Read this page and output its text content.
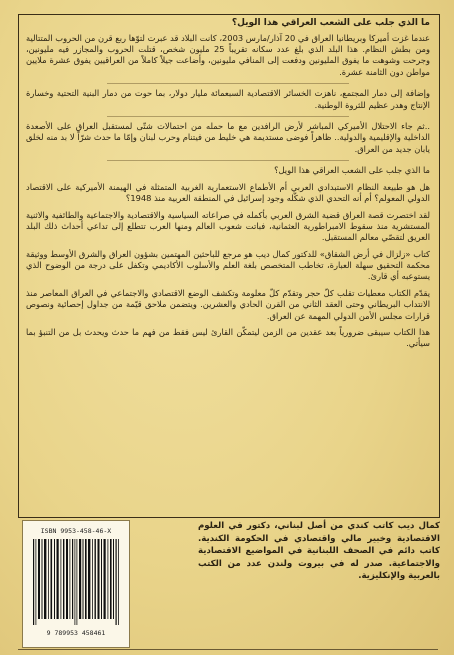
ما الذي جلب على الشعب العراقي هذا الويل؟

عندما غزت أميركا وبريطانيا العراق في 20 آذار/مارس 2003، كانت البلاد قد عبرت لتوّها ربع قرن من الحروب المتتالية ومن بطش النظام. هذا البلد الذي بلغ عدد سكانه تقريباً 25 مليون شخص، قتلت الحروب والمجازر فيه مليونين، وجرحت وشوهت ما يفوق المليونين ودفعت إلى المنافي مليونين، وأضاعت جيلاً كاملاً من العراقيين يفوق عشرة ملايين مواطن دون الثامنة عشرة.

وإضافة إلى دمار المجتمع، ناهزت الخسائر الاقتصادية السبعمائة مليار دولار، بما حوت من دمار البنية التحتية وخسارة الإنتاج وهدر عظيم للثروة الوطنية.

..ثم جاء الاحتلال الأميركي المباشر لأرض الرافدين مع ما حمله من احتمالات شتّى لمستقبل العراق على الأصعدة الداخلية والإقليمية والدولية.. ظاهراً فوضى مستديمة هي خليط من فيتنام وحرب لبنان وإمّا ما حدث شرّاً لا بد منه لخلق يابان جديد من العراق.

ما الذي جلب على الشعب العراقي هذا الويل؟

هل هو طبيعة النظام الاستبدادي العربي أم الأطماع الاستعمارية الغربية المتمثلة في الهيمنة الأميركية على الاقتصاد الدولي المعولم؟ أم أنه التحدي الذي شكّله وجود إسرائيل في المنطقة العربية منذ 1948؟

لقد اختصرت قصة العراق قضية الشرق العربي بأكمله في صراعاته السياسية والاقتصادية والاجتماعية والطائفية والاثنية المستشرية منذ سقوط الامبراطورية العثمانية، فباتت شعوب العالم ومنها العرب تتطلع إلى تداعي أحداث ذلك البلد العريق لتقصّي معالم المستقبل.

كتاب «زلزال في أرض الشقاق» للدكتور كمال ديب هو مرجع للباحثين المهتمين بشؤون العراق والشرق الأوسط ووثيقة محكمة التحقيق سهلة العبارة، تخاطب المتخصص بلغة العلم والأسلوب الأكاديمي وتكفل على درجة من الوضوح الذي يستوعبه أي قارئ.

يقدّم الكتاب معطيات تقلب كلّ حجر وتقدّم كلّ معلومة وتكشف الوضع الاقتصادي والاجتماعي في العراق المعاصر منذ الانتداب البريطاني وحتى العقد الثاني من القرن الحادي والعشرين. ويتضمن ملاحق قيّمة من جداول إحصائية ونصوص قرارات مجلس الأمن الدولي المهمة عن العراق.

هذا الكتاب سيبقى ضرورياً بعد عقدين من الزمن ليتمكّن القارئ ليس فقط من فهم ما حدث ويحدث بل من التنبؤ بما سيأتي.

كمال ديب كاتب كندي من أصل لبناني، دكتور في العلوم الاقتصادية وخبير مالي واقتصادي في الحكومة الكندية. كاتب دائم في الصحف اللبنانية في المواضيع الاقتصادية والاجتماعية. صدر له في بيروت ولندن عدد من الكتب بالعربية والإنكليزية.
ISBN 9953-458-46-X
9 789953 458461
